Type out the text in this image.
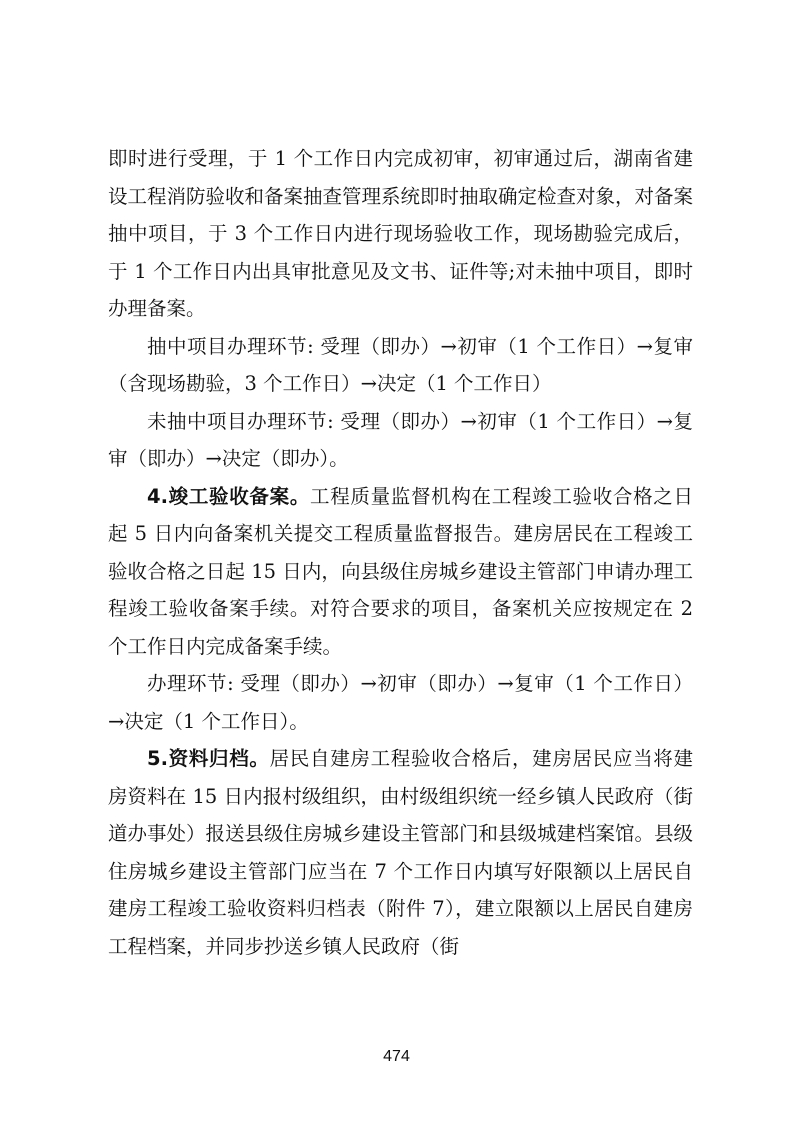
即时进行受理，于 1 个工作日内完成初审，初审通过后，湖南省建设工程消防验收和备案抽查管理系统即时抽取确定检查对象，对备案抽中项目，于 3 个工作日内进行现场验收工作，现场勘验完成后，于 1 个工作日内出具审批意见及文书、证件等;对未抽中项目，即时办理备案。

抽中项目办理环节: 受理（即办）→初审（1 个工作日）→复审（含现场勘验，3 个工作日）→决定（1 个工作日）

未抽中项目办理环节: 受理（即办）→初审（1 个工作日）→复审（即办）→决定（即办）。

4.竣工验收备案。工程质量监督机构在工程竣工验收合格之日起 5 日内向备案机关提交工程质量监督报告。建房居民在工程竣工验收合格之日起 15 日内，向县级住房城乡建设主管部门申请办理工程竣工验收备案手续。对符合要求的项目，备案机关应按规定在 2 个工作日内完成备案手续。

办理环节: 受理（即办）→初审（即办）→复审（1 个工作日）→决定（1 个工作日）。

5.资料归档。居民自建房工程验收合格后，建房居民应当将建房资料在 15 日内报村级组织，由村级组织统一经乡镇人民政府（街道办事处）报送县级住房城乡建设主管部门和县级城建档案馆。县级住房城乡建设主管部门应当在 7 个工作日内填写好限额以上居民自建房工程竣工验收资料归档表（附件 7），建立限额以上居民自建房工程档案，并同步抄送乡镇人民政府（街

474
